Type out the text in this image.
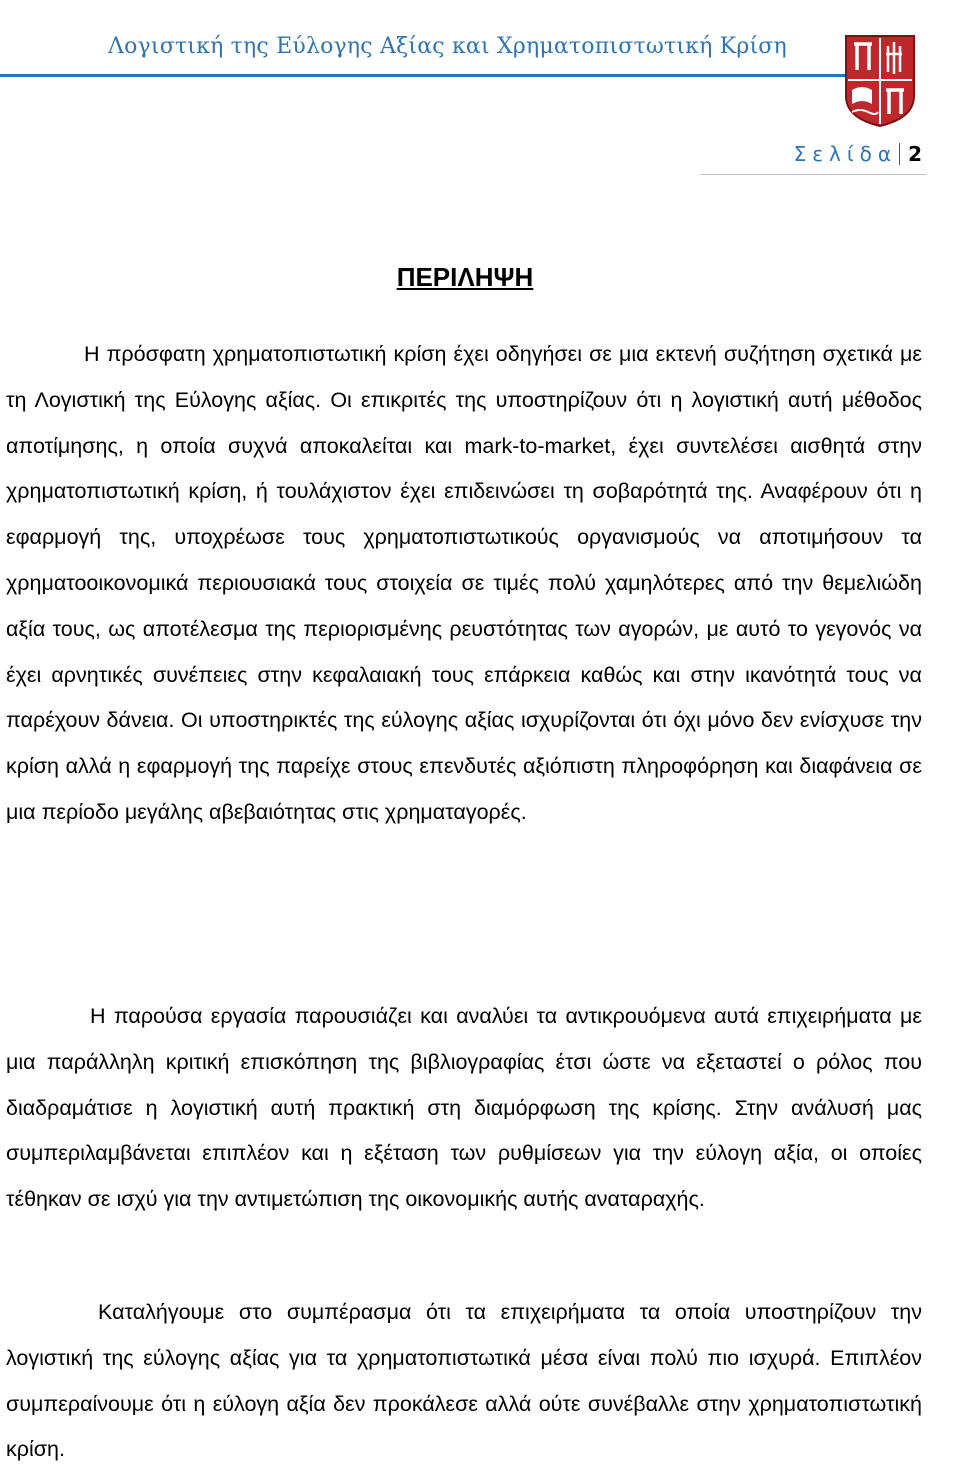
Λογιστική της Εύλογης Αξίας και Χρηματοπιστωτική Κρίση
Σελίδα 2
ΠΕΡΙΛΗΨΗ

Η πρόσφατη χρηματοπιστωτική κρίση έχει οδηγήσει σε μια εκτενή συζήτηση σχετικά με τη Λογιστική της Εύλογης αξίας. Οι επικριτές της υποστηρίζουν ότι η λογιστική αυτή μέθοδος αποτίμησης, η οποία συχνά αποκαλείται και mark-to-market, έχει συντελέσει αισθητά στην χρηματοπιστωτική κρίση, ή τουλάχιστον έχει επιδεινώσει τη σοβαρότητά της. Αναφέρουν ότι η εφαρμογή της, υποχρέωσε τους χρηματοπιστωτικούς οργανισμούς να αποτιμήσουν τα χρηματοοικονομικά περιουσιακά τους στοιχεία σε τιμές πολύ χαμηλότερες από την θεμελιώδη αξία τους, ως αποτέλεσμα της περιορισμένης ρευστότητας των αγορών, με αυτό το γεγονός να έχει αρνητικές συνέπειες στην κεφαλαιακή τους επάρκεια καθώς και στην ικανότητά τους να παρέχουν δάνεια. Οι υποστηρικτές της εύλογης αξίας ισχυρίζονται ότι όχι μόνο δεν ενίσχυσε την κρίση αλλά η εφαρμογή της παρείχε στους επενδυτές αξιόπιστη πληροφόρηση και διαφάνεια σε μια περίοδο μεγάλης αβεβαιότητας στις χρηματαγορές.

Η παρούσα εργασία παρουσιάζει και αναλύει τα αντικρουόμενα αυτά επιχειρήματα με μια παράλληλη κριτική επισκόπηση της βιβλιογραφίας έτσι ώστε να εξεταστεί ο ρόλος που διαδραμάτισε η λογιστική αυτή πρακτική στη διαμόρφωση της κρίσης. Στην ανάλυσή μας συμπεριλαμβάνεται επιπλέον και η εξέταση των ρυθμίσεων για την εύλογη αξία, οι οποίες τέθηκαν σε ισχύ για την αντιμετώπιση της οικονομικής αυτής αναταραχής.

Καταλήγουμε στο συμπέρασμα ότι τα επιχειρήματα τα οποία υποστηρίζουν την λογιστική της εύλογης αξίας για τα χρηματοπιστωτικά μέσα είναι πολύ πιο ισχυρά. Επιπλέον συμπεραίνουμε ότι η εύλογη αξία δεν προκάλεσε αλλά ούτε συνέβαλλε στην χρηματοπιστωτική κρίση.
